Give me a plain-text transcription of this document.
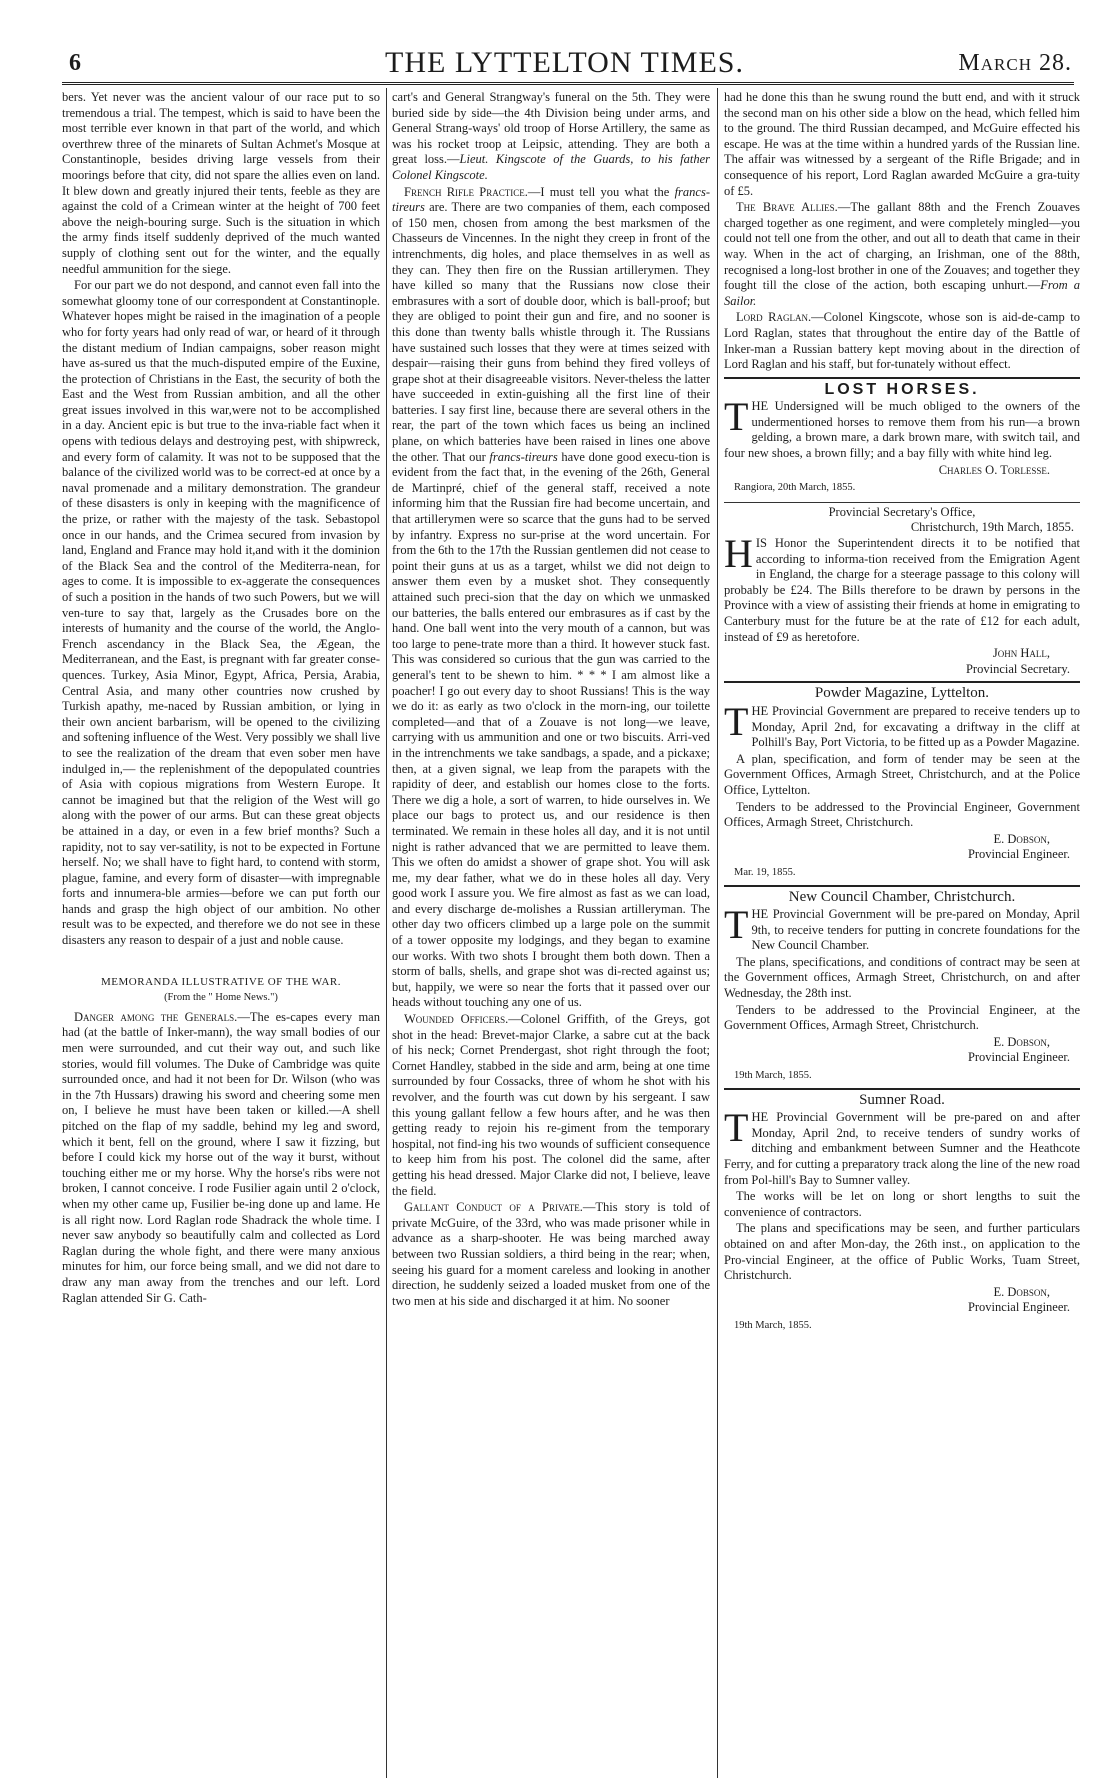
6	THE LYTTELTON TIMES.	March 28.

bers. Yet never was the ancient valour of our race put to so tremendous a trial. The tempest, which is said to have been the most terrible ever known in that part of the world, and which overthrew three of the minarets of Sultan Achmet's Mosque at Constantinople, besides driving large vessels from their moorings before that city, did not spare the allies even on land. It blew down and greatly injured their tents, feeble as they are against the cold of a Crimean winter at the height of 700 feet above the neigh-bouring surge. Such is the situation in which the army finds itself suddenly deprived of the much wanted supply of clothing sent out for the winter, and the equally needful ammunition for the siege.

For our part we do not despond, and cannot even fall into the somewhat gloomy tone of our correspondent at Constantinople. Whatever hopes might be raised in the imagination of a people who for forty years had only read of war, or heard of it through the distant medium of Indian campaigns, sober reason might have as-sured us that the much-disputed empire of the Euxine, the protection of Christians in the East, the security of both the East and the West from Russian ambition, and all the other great issues involved in this war,were not to be accomplished in a day. Ancient epic is but true to the inva-riable fact when it opens with tedious delays and destroying pest, with shipwreck, and every form of calamity. It was not to be supposed that the balance of the civilized world was to be correct-ed at once by a naval promenade and a military demonstration. The grandeur of these disasters is only in keeping with the magnificence of the prize, or rather with the majesty of the task. Sebastopol once in our hands, and the Crimea secured from invasion by land, England and France may hold it,and with it the dominion of the Black Sea and the control of the Mediterra-nean, for ages to come. It is impossible to ex-aggerate the consequences of such a position in the hands of two such Powers, but we will ven-ture to say that, largely as the Crusades bore on the interests of humanity and the course of the world, the Anglo-French ascendancy in the Black Sea, the Ægean, the Mediterranean, and the East, is pregnant with far greater conse-quences. Turkey, Asia Minor, Egypt, Africa, Persia, Arabia, Central Asia, and many other countries now crushed by Turkish apathy, me-naced by Russian ambition, or lying in their own ancient barbarism, will be opened to the civilizing and softening influence of the West. Very possibly we shall live to see the realization of the dream that even sober men have indulged in,— the replenishment of the depopulated countries of Asia with copious migrations from Western Europe. It cannot be imagined but that the religion of the West will go along with the power of our arms. But can these great objects be attained in a day, or even in a few brief months? Such a rapidity, not to say ver-satility, is not to be expected in Fortune herself. No; we shall have to fight hard, to contend with storm, plague, famine, and every form of disaster—with impregnable forts and innumera-ble armies—before we can put forth our hands and grasp the high object of our ambition. No other result was to be expected, and therefore we do not see in these disasters any reason to despair of a just and noble cause.

MEMORANDA ILLUSTRATIVE OF THE WAR.
(From the " Home News.")

Danger among the Generals.—The es-capes every man had (at the battle of Inker-mann), the way small bodies of our men were surrounded, and cut their way out, and such like stories, would fill volumes. The Duke of Cambridge was quite surrounded once, and had it not been for Dr. Wilson (who was in the 7th Hussars) drawing his sword and cheering some men on, I believe he must have been taken or killed.—A shell pitched on the flap of my saddle, behind my leg and sword, which it bent, fell on the ground, where I saw it fizzing, but before I could kick my horse out of the way it burst, without touching either me or my horse. Why the horse's ribs were not broken, I cannot conceive. I rode Fusilier again until 2 o'clock, when my other came up, Fusilier be-ing done up and lame. He is all right now. Lord Raglan rode Shadrack the whole time. I never saw anybody so beautifully calm and collected as Lord Raglan during the whole fight, and there were many anxious minutes for him, our force being small, and we did not dare to draw any man away from the trenches and our left. Lord Raglan attended Sir G. Cath-

cart's and General Strangway's funeral on the 5th. They were buried side by side—the 4th Division being under arms, and General Strang-ways' old troop of Horse Artillery, the same as was his rocket troop at Leipsic, attending. They are both a great loss.—Lieut. Kingscote of the Guards, to his father Colonel Kingscote.

French Rifle Practice.—I must tell you what the francs-tireurs are. There are two companies of them, each composed of 150 men, chosen from among the best marksmen of the Chasseurs de Vincennes. In the night they creep in front of the intrenchments, dig holes, and place themselves in as well as they can. They then fire on the Russian artillerymen. They have killed so many that the Russians now close their embrasures with a sort of double door, which is ball-proof; but they are obliged to point their gun and fire, and no sooner is this done than twenty balls whistle through it. The Russians have sustained such losses that they were at times seized with despair—raising their guns from behind they fired volleys of grape shot at their disagreeable visitors. Never-theless the latter have succeeded in extin-guishing all the first line of their batteries. I say first line, because there are several others in the rear, the part of the town which faces us being an inclined plane, on which batteries have been raised in lines one above the other. That our francs-tireurs have done good execu-tion is evident from the fact that, in the evening of the 26th, General de Martinpré, chief of the general staff, received a note informing him that the Russian fire had become uncertain, and that artillerymen were so scarce that the guns had to be served by infantry. Express no sur-prise at the word uncertain. For from the 6th to the 17th the Russian gentlemen did not cease to point their guns at us as a target, whilst we did not deign to answer them even by a musket shot. They consequently attained such preci-sion that the day on which we unmasked our batteries, the balls entered our embrasures as if cast by the hand. One ball went into the very mouth of a cannon, but was too large to pene-trate more than a third. It however stuck fast. This was considered so curious that the gun was carried to the general's tent to be shewn to him. * * * I am almost like a poacher! I go out every day to shoot Russians! This is the way we do it: as early as two o'clock in the morn-ing, our toilette completed—and that of a Zouave is not long—we leave, carrying with us ammunition and one or two biscuits. Arri-ved in the intrenchments we take sandbags, a spade, and a pickaxe; then, at a given signal, we leap from the parapets with the rapidity of deer, and establish our homes close to the forts. There we dig a hole, a sort of warren, to hide ourselves in. We place our bags to protect us, and our residence is then terminated. We remain in these holes all day, and it is not until night is rather advanced that we are permitted to leave them. This we often do amidst a shower of grape shot. You will ask me, my dear father, what we do in these holes all day. Very good work I assure you. We fire almost as fast as we can load, and every discharge de-molishes a Russian artilleryman. The other day two officers climbed up a large pole on the summit of a tower opposite my lodgings, and they began to examine our works. With two shots I brought them both down. Then a storm of balls, shells, and grape shot was di-rected against us; but, happily, we were so near the forts that it passed over our heads without touching any one of us.

Wounded Officers.—Colonel Griffith, of the Greys, got shot in the head: Brevet-major Clarke, a sabre cut at the back of his neck; Cornet Prendergast, shot right through the foot; Cornet Handley, stabbed in the side and arm, being at one time surrounded by four Cossacks, three of whom he shot with his revolver, and the fourth was cut down by his sergeant. I saw this young gallant fellow a few hours after, and he was then getting ready to rejoin his re-giment from the temporary hospital, not find-ing his two wounds of sufficient consequence to keep him from his post. The colonel did the same, after getting his head dressed. Major Clarke did not, I believe, leave the field.

Gallant Conduct of a Private.—This story is told of private McGuire, of the 33rd, who was made prisoner while in advance as a sharp-shooter. He was being marched away between two Russian soldiers, a third being in the rear; when, seeing his guard for a moment careless and looking in another direction, he suddenly seized a loaded musket from one of the two men at his side and discharged it at him. No sooner

had he done this than he swung round the butt end, and with it struck the second man on his other side a blow on the head, which felled him to the ground. The third Russian decamped, and McGuire effected his escape. He was at the time within a hundred yards of the Russian line. The affair was witnessed by a sergeant of the Rifle Brigade; and in consequence of his report, Lord Raglan awarded McGuire a gra-tuity of £5.

The Brave Allies.—The gallant 88th and the French Zouaves charged together as one regiment, and were completely mingled—you could not tell one from the other, and out all to death that came in their way. When in the act of charging, an Irishman, one of the 88th, recognised a long-lost brother in one of the Zouaves; and together they fought till the close of the action, both escaping unhurt.—From a Sailor.

Lord Raglan.—Colonel Kingscote, whose son is aid-de-camp to Lord Raglan, states that throughout the entire day of the Battle of Inker-man a Russian battery kept moving about in the direction of Lord Raglan and his staff, but for-tunately without effect.

LOST HORSES.

THE Undersigned will be much obliged to the owners of the undermentioned horses to remove them from his run—a brown gelding, a brown mare, a dark brown mare, with switch tail, and four new shoes, a brown filly; and a bay filly with white hind leg.

Charles O. Torlesse.
Rangiora, 20th March, 1855.
Provincial Secretary's Office,
Christchurch, 19th March, 1855.

HIS Honor the Superintendent directs it to be notified that according to informa-tion received from the Emigration Agent in England, the charge for a steerage passage to this colony will probably be £24. The Bills therefore to be drawn by persons in the Province with a view of assisting their friends at home in emigrating to Canterbury must for the future be at the rate of £12 for each adult, instead of £9 as heretofore.

John Hall,
Provincial Secretary.
Powder Magazine, Lyttelton.

THE Provincial Government are prepared to receive tenders up to Monday, April 2nd, for excavating a driftway in the cliff at Polhill's Bay, Port Victoria, to be fitted up as a Powder Magazine.

A plan, specification, and form of tender may be seen at the Government Offices, Armagh Street, Christchurch, and at the Police Office, Lyttelton.

Tenders to be addressed to the Provincial Engineer, Government Offices, Armagh Street, Christchurch.

E. Dobson,
Provincial Engineer.
Mar. 19, 1855.
New Council Chamber, Christchurch.

THE Provincial Government will be pre-pared on Monday, April 9th, to receive tenders for putting in concrete foundations for the New Council Chamber.

The plans, specifications, and conditions of contract may be seen at the Government offices, Armagh Street, Christchurch, on and after Wednesday, the 28th inst.

Tenders to be addressed to the Provincial Engineer, at the Government Offices, Armagh Street, Christchurch.

E. Dobson,
Provincial Engineer.
19th March, 1855.
Sumner Road.

THE Provincial Government will be pre-pared on and after Monday, April 2nd, to receive tenders of sundry works of ditching and embankment between Sumner and the Heathcote Ferry, and for cutting a preparatory track along the line of the new road from Pol-hill's Bay to Sumner valley.

The works will be let on long or short lengths to suit the convenience of contractors.

The plans and specifications may be seen, and further particulars obtained on and after Mon-day, the 26th inst., on application to the Pro-vincial Engineer, at the office of Public Works, Tuam Street, Christchurch.

E. Dobson,
Provincial Engineer.
19th March, 1855.
